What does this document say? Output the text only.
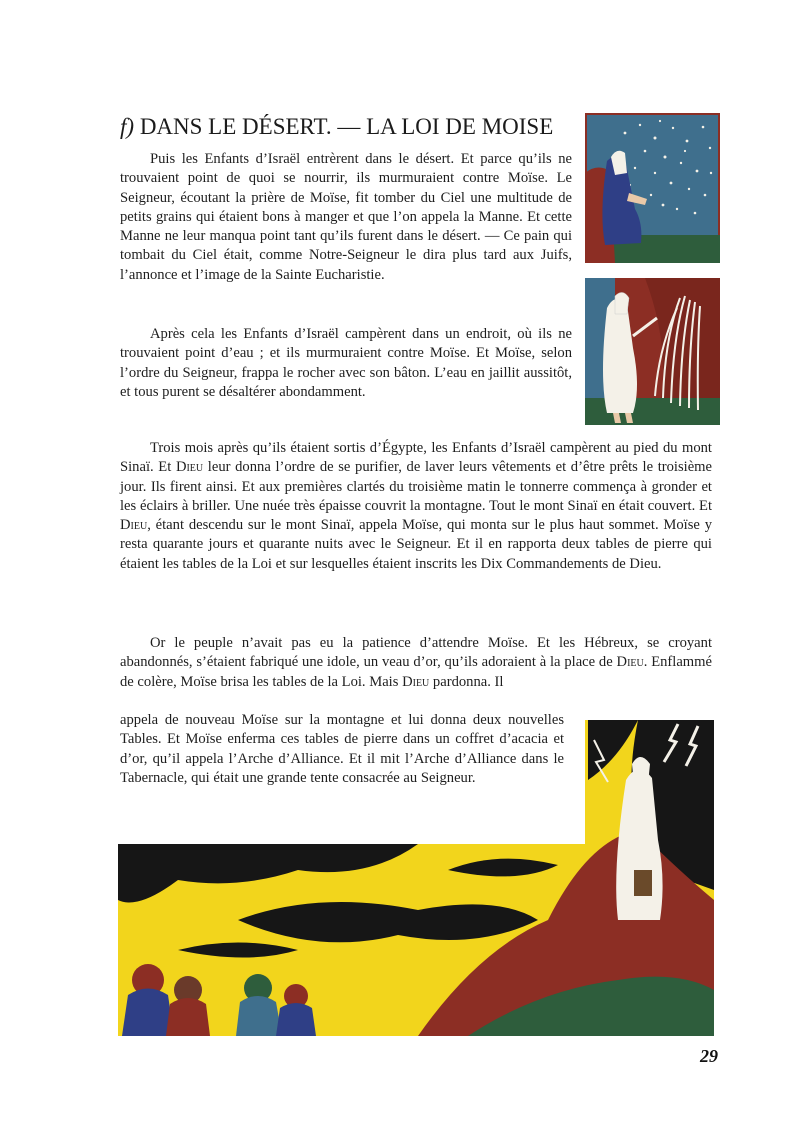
f) DANS LE DÉSERT. — LA LOI DE MOISE

Puis les Enfants d’Israël entrèrent dans le désert. Et parce qu’ils ne trouvaient point de quoi se nourrir, ils murmuraient contre Moïse. Le Seigneur, écoutant la prière de Moïse, fit tomber du Ciel une multitude de petits grains qui étaient bons à manger et que l’on appela la Manne. Et cette Manne ne leur manqua point tant qu’ils furent dans le désert. — Ce pain qui tombait du Ciel était, comme Notre-Seigneur le dira plus tard aux Juifs, l’annonce et l’image de la Sainte Eucharistie.

Après cela les Enfants d’Israël campèrent dans un endroit, où ils ne trouvaient point d’eau ; et ils murmuraient contre Moïse. Et Moïse, selon l’ordre du Seigneur, frappa le rocher avec son bâton. L’eau en jaillit aussitôt, et tous purent se désaltérer abondamment.

Trois mois après qu’ils étaient sortis d’Égypte, les Enfants d’Israël campèrent au pied du mont Sinaï. Et Dieu leur donna l’ordre de se purifier, de laver leurs vêtements et d’être prêts le troisième jour. Ils firent ainsi. Et aux premières clartés du troisième matin le tonnerre commença à gronder et les éclairs à briller. Une nuée très épaisse couvrit la montagne. Tout le mont Sinaï en était couvert. Et Dieu, étant descendu sur le mont Sinaï, appela Moïse, qui monta sur le plus haut sommet. Moïse y resta quarante jours et quarante nuits avec le Seigneur. Et il en rapporta deux tables de pierre qui étaient les tables de la Loi et sur lesquelles étaient inscrits les Dix Commandements de Dieu.

Or le peuple n’avait pas eu la patience d’attendre Moïse. Et les Hébreux, se croyant abandonnés, s’étaient fabriqué une idole, un veau d’or, qu’ils adoraient à la place de Dieu. Enflammé de colère, Moïse brisa les tables de la Loi. Mais Dieu pardonna. Il

appela de nouveau Moïse sur la montagne et lui donna deux nouvelles Tables. Et Moïse enferma ces tables de pierre dans un coffret d’acacia et d’or, qu’il appela l’Arche d’Alliance. Et il mit l’Arche d’Alliance dans le Tabernacle, qui était une grande tente consacrée au Seigneur.

29
